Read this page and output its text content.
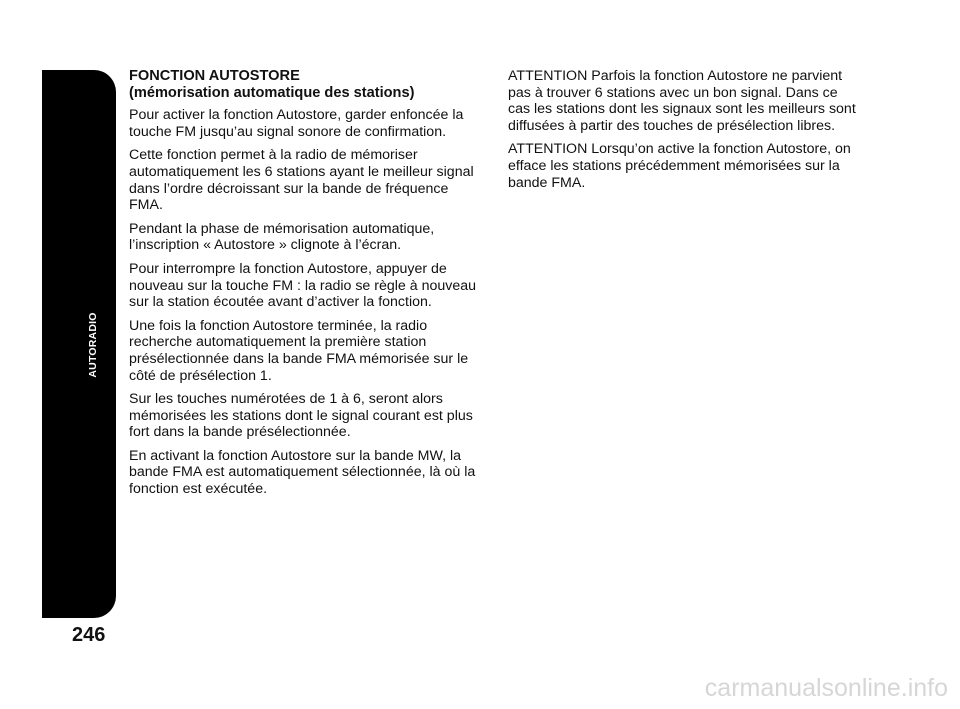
AUTORADIO
246
FONCTION AUTOSTORE
(mémorisation automatique des stations)

Pour activer la fonction Autostore, garder enfoncée la touche FM jusqu’au signal sonore de confirmation.

Cette fonction permet à la radio de mémoriser automatiquement les 6 stations ayant le meilleur signal dans l’ordre décroissant sur la bande de fréquence FMA.

Pendant la phase de mémorisation automatique, l’inscription « Autostore » clignote à l’écran.

Pour interrompre la fonction Autostore, appuyer de nouveau sur la touche FM : la radio se règle à nouveau sur la station écoutée avant d’activer la fonction.

Une fois la fonction Autostore terminée, la radio recherche automatiquement la première station présélectionnée dans la bande FMA mémorisée sur le côté de présélection 1.

Sur les touches numérotées de 1 à 6, seront alors mémorisées les stations dont le signal courant est plus fort dans la bande présélectionnée.

En activant la fonction Autostore sur la bande MW, la bande FMA est automatiquement sélectionnée, là où la fonction est exécutée.

ATTENTION Parfois la fonction Autostore ne parvient pas à trouver 6 stations avec un bon signal. Dans ce cas les stations dont les signaux sont les meilleurs sont diffusées à partir des touches de présélection libres.

ATTENTION Lorsqu’on active la fonction Autostore, on efface les stations précédemment mémorisées sur la bande FMA.

carmanualsonline.info
